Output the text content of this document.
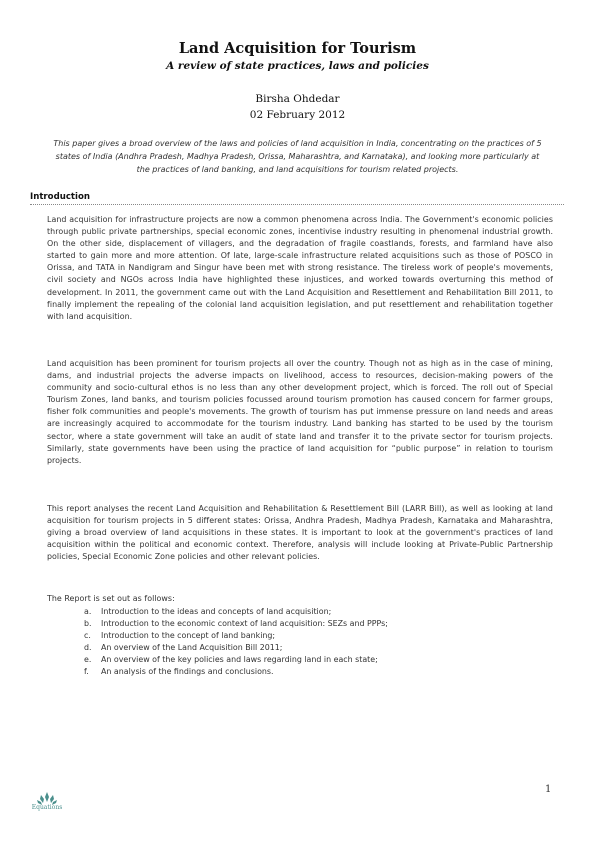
Land Acquisition for Tourism
A review of state practices, laws and policies
Birsha Ohdedar
02 February 2012
This paper gives a broad overview of the laws and policies of land acquisition in India, concentrating on the practices of 5 states of India (Andhra Pradesh, Madhya Pradesh, Orissa, Maharashtra, and Karnataka), and looking more particularly at the practices of land banking, and land acquisitions for tourism related projects.
Introduction
Land acquisition for infrastructure projects are now a common phenomena across India. The Government's economic policies through public private partnerships, special economic zones, incentivise industry resulting in phenomenal industrial growth. On the other side, displacement of villagers, and the degradation of fragile coastlands, forests, and farmland have also started to gain more and more attention. Of late, large-scale infrastructure related acquisitions such as those of POSCO in Orissa, and TATA in Nandigram and Singur have been met with strong resistance. The tireless work of people's movements, civil society and NGOs across India have highlighted these injustices, and worked towards overturning this method of development. In 2011, the government came out with the Land Acquisition and Resettlement and Rehabilitation Bill 2011, to finally implement the repealing of the colonial land acquisition legislation, and put resettlement and rehabilitation together with land acquisition.
Land acquisition has been prominent for tourism projects all over the country. Though not as high as in the case of mining, dams, and industrial projects the adverse impacts on livelihood, access to resources, decision-making powers of the community and socio-cultural ethos is no less than any other development project, which is forced. The roll out of Special Tourism Zones, land banks, and tourism policies focussed around tourism promotion has caused concern for farmer groups, fisher folk communities and people's movements. The growth of tourism has put immense pressure on land needs and areas are increasingly acquired to accommodate for the tourism industry. Land banking has started to be used by the tourism sector, where a state government will take an audit of state land and transfer it to the private sector for tourism projects. Similarly, state governments have been using the practice of land acquisition for “public purpose” in relation to tourism projects.
This report analyses the recent Land Acquisition and Rehabilitation & Resettlement Bill (LARR Bill), as well as looking at land acquisition for tourism projects in 5 different states: Orissa, Andhra Pradesh, Madhya Pradesh, Karnataka and Maharashtra, giving a broad overview of land acquisitions in these states. It is important to look at the government's practices of land acquisition within the political and economic context. Therefore, analysis will include looking at Private-Public Partnership policies, Special Economic Zone policies and other relevant policies.
The Report is set out as follows:
a. Introduction to the ideas and concepts of land acquisition;
b. Introduction to the economic context of land acquisition: SEZs and PPPs;
c. Introduction to the concept of land banking;
d. An overview of the Land Acquisition Bill 2011;
e. An overview of the key policies and laws regarding land in each state;
f. An analysis of the findings and conclusions.
1
Equations
